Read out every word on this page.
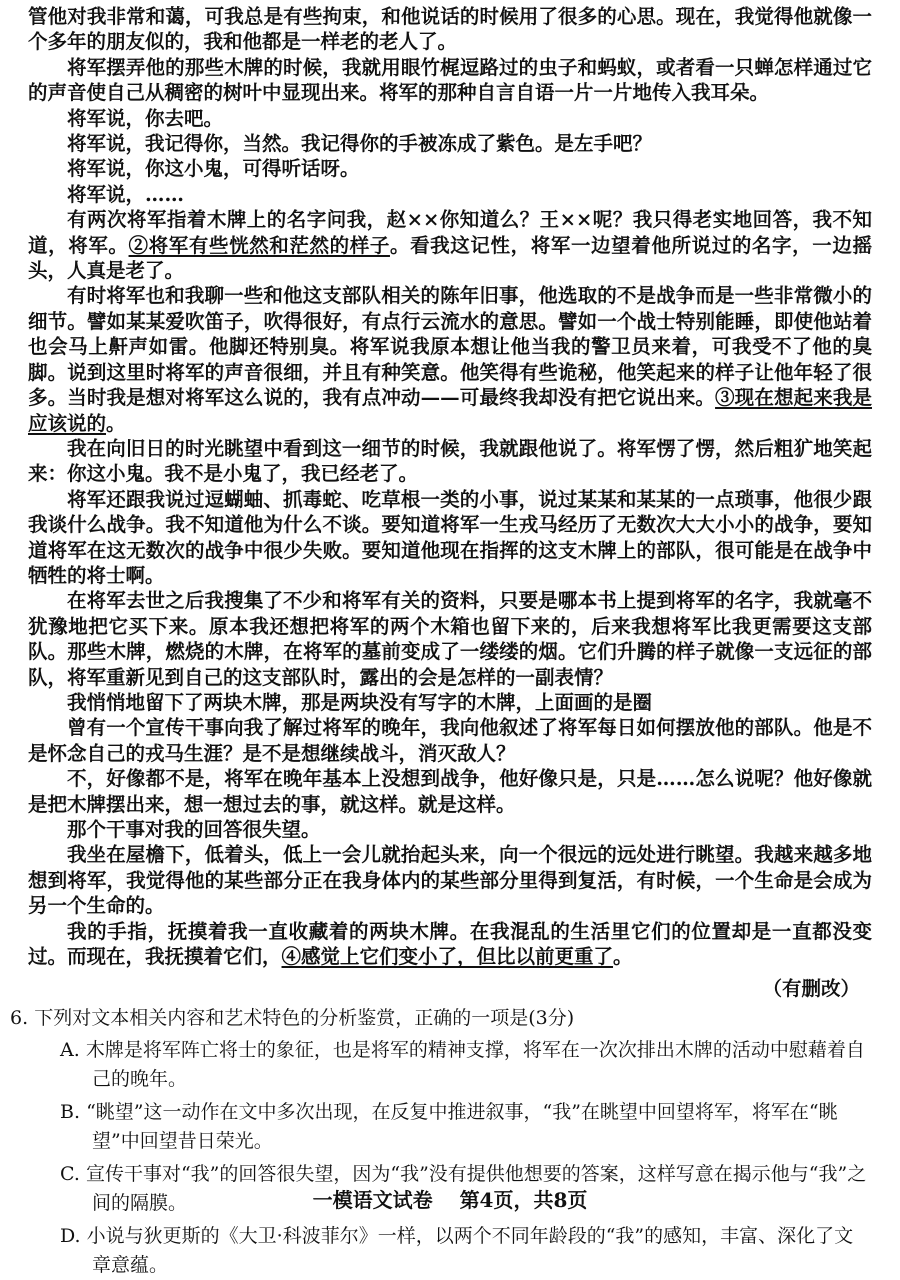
管他对我非常和蔼，可我总是有些拘束，和他说话的时候用了很多的心思。现在，我觉得他就像一个多年的朋友似的，我和他都是一样老的老人了。

将军摆弄他的那些木牌的时候，我就用眼竹梶逗路过的虫子和蚂蚁，或者看一只蝉怎样通过它的声音使自己从稠密的树叶中显现出来。将军的那种自言自语一片一片地传入我耳朵。

将军说，你去吧。

将军说，我记得你，当然。我记得你的手被冻成了紫色。是左手吧？

将军说，你这小鬼，可得听话呀。

将军说，……

有两次将军指着木牌上的名字问我，赵××你知道么？王××呢？我只得老实地回答，我不知道，将军。②将军有些恍然和茫然的样子。看我这记性，将军一边望着他所说过的名字，一边摇头，人真是老了。

有时将军也和我聊一些和他这支部队相关的陈年旧事，他选取的不是战争而是一些非常微小的细节。譬如某某爱吹笛子，吹得很好，有点行云流水的意思。譬如一个战士特别能睡，即使他站着也会马上鼾声如雷。他脚还特别臭。将军说我原本想让他当我的警卫员来着，可我受不了他的臭脚。说到这里时将军的声音很细，并且有种笑意。他笑得有些诡秘，他笑起来的样子让他年轻了很多。当时我是想对将军这么说的，我有点冲动——可最终我却没有把它说出来。③现在想起来我是应该说的。

我在向旧日的时光眺望中看到这一细节的时候，我就跟他说了。将军愣了愣，然后粗犷地笑起来：你这小鬼。我不是小鬼了，我已经老了。

将军还跟我说过逗蝴蚰、抓毒蛇、吃草根一类的小事，说过某某和某某的一点琐事，他很少跟我谈什么战争。我不知道他为什么不谈。要知道将军一生戎马经历了无数次大大小小的战争，要知道将军在这无数次的战争中很少失败。要知道他现在指挥的这支木牌上的部队，很可能是在战争中牺牲的将士啊。

在将军去世之后我搜集了不少和将军有关的资料，只要是哪本书上提到将军的名字，我就毫不犹豫地把它买下来。原本我还想把将军的两个木箱也留下来的，后来我想将军比我更需要这支部队。那些木牌，燃烧的木牌，在将军的墓前变成了一缕缕的烟。它们升腾的样子就像一支远征的部队，将军重新见到自己的这支部队时，露出的会是怎样的一副表情？

我悄悄地留下了两块木牌，那是两块没有写字的木牌，上面画的是圈

曾有一个宣传干事向我了解过将军的晚年，我向他叙述了将军每日如何摆放他的部队。他是不是怀念自己的戎马生涯？是不是想继续战斗，消灭敌人？

不，好像都不是，将军在晚年基本上没想到战争，他好像只是，只是……怎么说呢？他好像就是把木牌摆出来，想一想过去的事，就这样。就是这样。

那个干事对我的回答很失望。

我坐在屋檐下，低着头，低上一会儿就抬起头来，向一个很远的远处进行眺望。我越来越多地想到将军，我觉得他的某些部分正在我身体内的某些部分里得到复活，有时候，一个生命是会成为另一个生命的。

我的手指，抚摸着我一直收藏着的两块木牌。在我混乱的生活里它们的位置却是一直都没变过。而现在，我抚摸着它们，④感觉上它们变小了，但比以前更重了。

（有删改）

6. 下列对文本相关内容和艺术特色的分析鉴赏，正确的一项是(3分)

A. 木牌是将军阵亡将士的象征，也是将军的精神支撑，将军在一次次排出木牌的活动中慰藉着自己的晚年。

B. “眺望”这一动作在文中多次出现，在反复中推进叙事，“我”在眺望中回望将军，将军在“眺望”中回望昔日荣光。

C. 宣传干事对“我”的回答很失望，因为“我”没有提供他想要的答案，这样写意在揭示他与“我”之间的隔膜。

D. 小说与狄更斯的《大卫·科波菲尔》一样，以两个不同年龄段的“我”的感知，丰富、深化了文章意蕴。

一模语文试卷 第4页，共8页
